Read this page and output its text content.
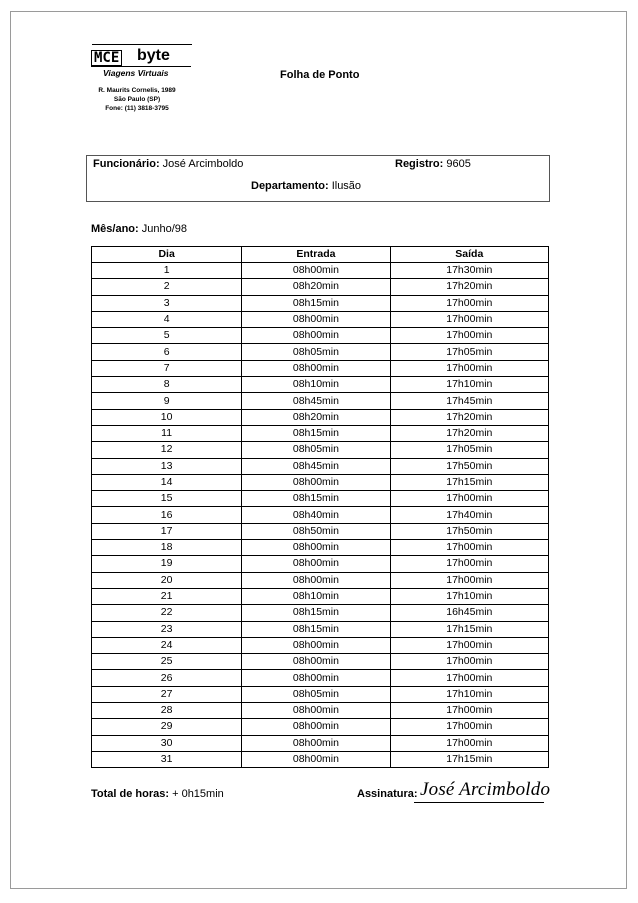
MCE byte
Viagens Virtuais
R. Maurits Cornelis, 1989
São Paulo (SP)
Fone: (11) 3818-3795
Folha de Ponto
Funcionário: José Arcimboldo	Registro: 9605
Departamento: Ilusão
Mês/ano: Junho/98
Dia	Entrada	Saída
1	08h00min	17h30min
2	08h20min	17h20min
3	08h15min	17h00min
4	08h00min	17h00min
5	08h00min	17h00min
6	08h05min	17h05min
7	08h00min	17h00min
8	08h10min	17h10min
9	08h45min	17h45min
10	08h20min	17h20min
11	08h15min	17h20min
12	08h05min	17h05min
13	08h45min	17h50min
14	08h00min	17h15min
15	08h15min	17h00min
16	08h40min	17h40min
17	08h50min	17h50min
18	08h00min	17h00min
19	08h00min	17h00min
20	08h00min	17h00min
21	08h10min	17h10min
22	08h15min	16h45min
23	08h15min	17h15min
24	08h00min	17h00min
25	08h00min	17h00min
26	08h00min	17h00min
27	08h05min	17h10min
28	08h00min	17h00min
29	08h00min	17h00min
30	08h00min	17h00min
31	08h00min	17h15min
Total de horas: + 0h15min	Assinatura: José Arcimboldo
